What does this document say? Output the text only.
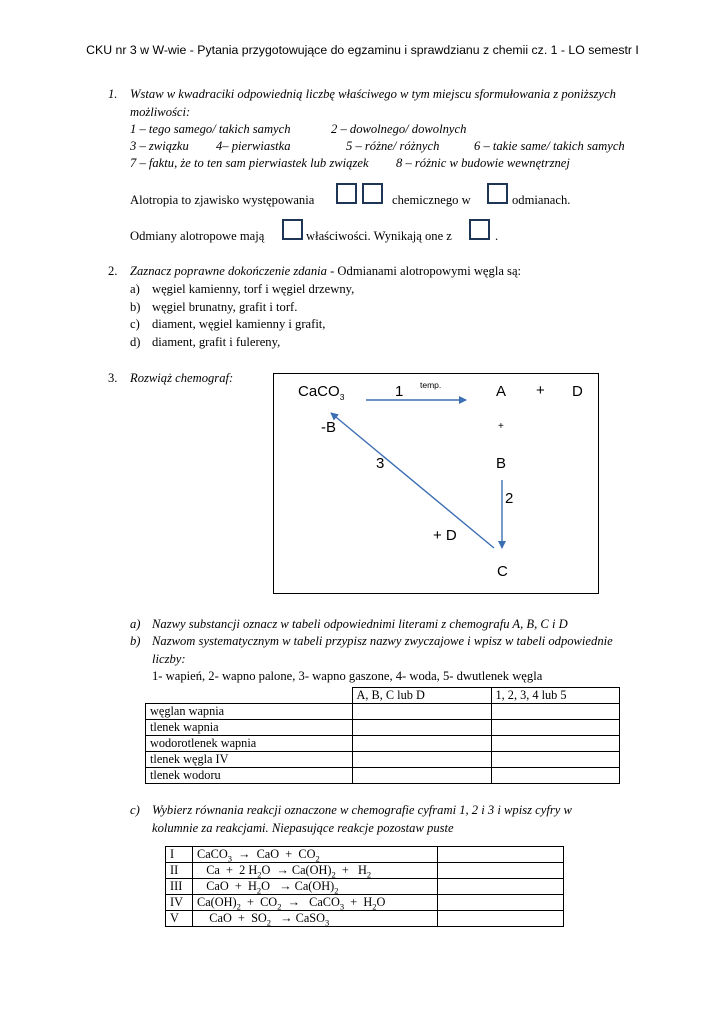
CKU nr 3 w W-wie - Pytania przygotowujące do egzaminu i sprawdzianu z chemii cz. 1 - LO semestr I
1. Wstaw w kwadraciki odpowiednią liczbę właściwego w tym miejscu sformułowania z poniższych
możliwości:
1 – tego samego/ takich samych	2 – dowolnego/ dowolnych
3 – związku 4– pierwiastka	5 – różne/ różnych	6 – takie same/ takich samych
7 – faktu, że to ten sam pierwiastek lub związek 8 – różnic w budowie wewnętrznej
Alotropia to zjawisko występowania	chemicznego w	odmianach.
Odmiany alotropowe mają	właściwości. Wynikają one z	.
2. Zaznacz poprawne dokończenie zdania - Odmianami alotropowymi węgla są:
a) węgiel kamienny, torf i węgiel drzewny,
b) węgiel brunatny, grafit i torf.
c) diament, węgiel kamienny i grafit,
d) diament, grafit i fulereny,
3. Rozwiąż chemograf:
CaCO$_3$	1 temp.	A + D
-B	+
3	B
2
+ D
C
a) Nazwy substancji oznacz w tabeli odpowiednimi literami z chemografu A, B, C i D
b) Nazwom systematycznym w tabeli przypisz nazwy zwyczajowe i wpisz w tabeli odpowiednie
liczby:
1- wapień, 2- wapno palone, 3- wapno gaszone, 4- woda, 5- dwutlenek węgla
	A, B, C lub D	1, 2, 3, 4 lub 5
węglan wapnia		
tlenek wapnia		
wodorotlenek wapnia		
tlenek węgla IV		
tlenek wodoru		
c) Wybierz równania reakcji oznaczone w chemografie cyframi 1, 2 i 3 i wpisz cyfry w
kolumnie za reakcjami. Niepasujące reakcje pozostaw puste
I	CaCO$_3$  →  CaO  +  $CO_2$	
II	Ca  +  2 $H_2O \to Ca(OH)_2 + H_2$	
III	CaO  +  $H_2O \to Ca(OH)_2$	
IV	$Ca(OH)_2 + CO_2$  →   CaCO$_3$  +  $H_2O$	
V	CaO  +  $SO_2$   → CaSO$_3$	
